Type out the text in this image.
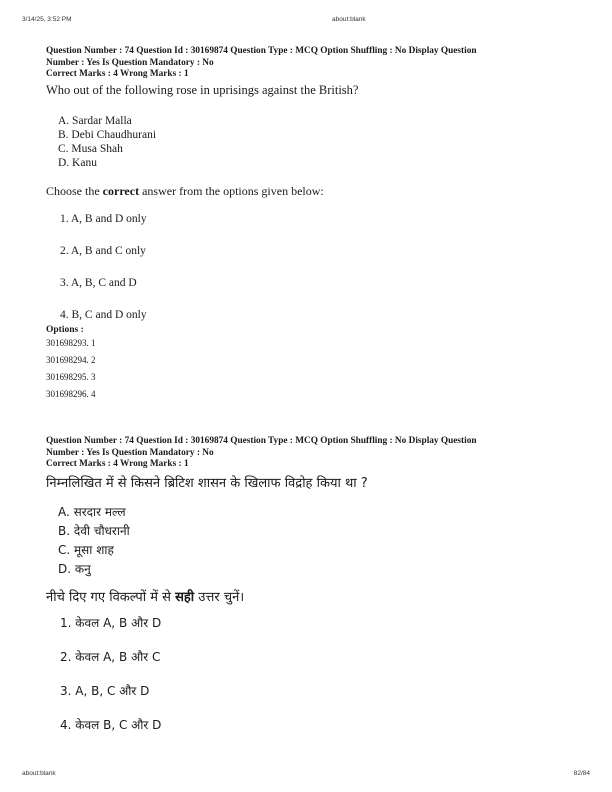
3/14/25, 3:52 PM	about:blank
Question Number : 74 Question Id : 30169874 Question Type : MCQ Option Shuffling : No Display Question
Number : Yes Is Question Mandatory : No
Correct Marks : 4 Wrong Marks : 1
Who out of the following rose in uprisings against the British?
A. Sardar Malla
B. Debi Chaudhurani
C. Musa Shah
D. Kanu
Choose the correct answer from the options given below:
1. A, B and D only
2. A, B and C only
3. A, B, C and D
4. B, C and D only
Options :
301698293. 1
301698294. 2
301698295. 3
301698296. 4
Question Number : 74 Question Id : 30169874 Question Type : MCQ Option Shuffling : No Display Question
Number : Yes Is Question Mandatory : No
Correct Marks : 4 Wrong Marks : 1
निम्नलिखित में से किसने ब्रिटिश शासन के खिलाफ विद्रोह किया था ?
A. सरदार मल्ल
B. देवी चौधरानी
C. मूसा शाह
D. कनु
नीचे दिए गए विकल्पों में से सही उत्तर चुनें।
1. केवल A, B और D
2. केवल A, B और C
3. A, B, C और D
4. केवल B, C और D
about:blank	82/84
